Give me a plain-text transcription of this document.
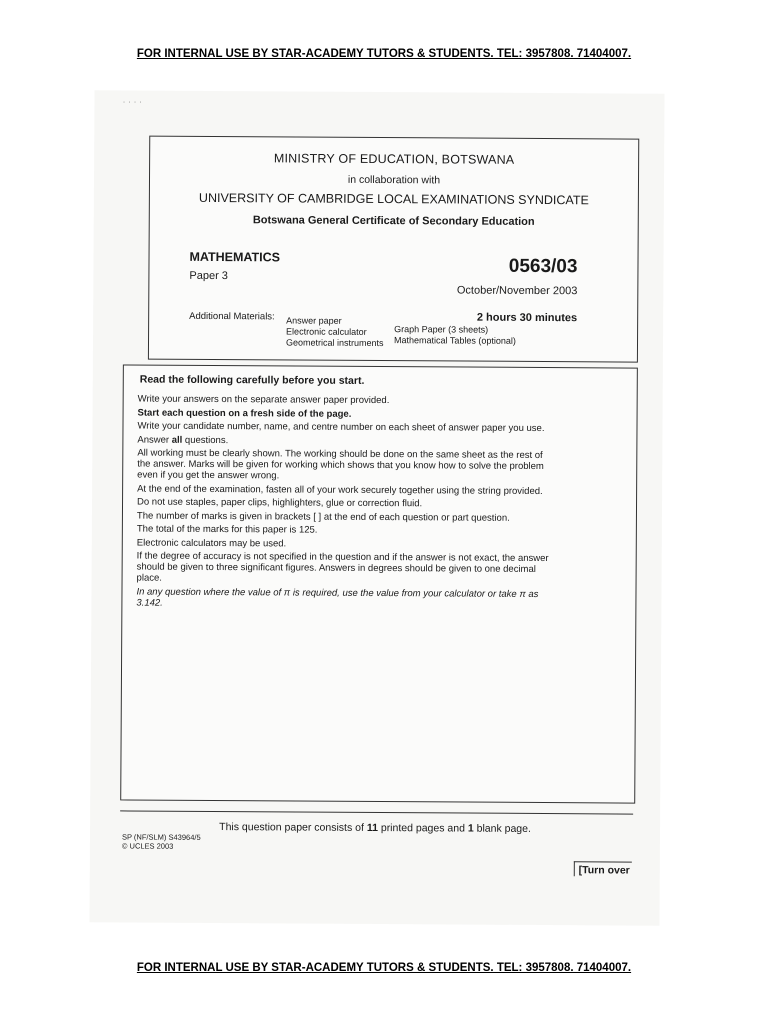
FOR INTERNAL USE BY STAR-ACADEMY TUTORS & STUDENTS. TEL: 3957808. 71404007.
· · · ·
MINISTRY OF EDUCATION, BOTSWANA
in collaboration with
UNIVERSITY OF CAMBRIDGE LOCAL EXAMINATIONS SYNDICATE
Botswana General Certificate of Secondary Education
MATHEMATICS
Paper 3	0563/03
October/November 2003
2 hours 30 minutes
Additional Materials: Answer paper
Electronic calculator
Geometrical instruments
Graph Paper (3 sheets)
Mathematical Tables (optional)
Read the following carefully before you start.

Write your answers on the separate answer paper provided.

Start each question on a fresh side of the page.

Write your candidate number, name, and centre number on each sheet of answer paper you use.

Answer all questions.

All working must be clearly shown. The working should be done on the same sheet as the rest of
the answer. Marks will be given for working which shows that you know how to solve the problem
even if you get the answer wrong.

At the end of the examination, fasten all of your work securely together using the string provided.

Do not use staples, paper clips, highlighters, glue or correction fluid.

The number of marks is given in brackets [ ] at the end of each question or part question.

The total of the marks for this paper is 125.

Electronic calculators may be used.

If the degree of accuracy is not specified in the question and if the answer is not exact, the answer
should be given to three significant figures. Answers in degrees should be given to one decimal
place.

In any question where the value of π is required, use the value from your calculator or take π as
3.142.

This question paper consists of 11 printed pages and 1 blank page.
SP (NF/SLM) S43964/5
© UCLES 2003
[Turn over
FOR INTERNAL USE BY STAR-ACADEMY TUTORS & STUDENTS. TEL: 3957808. 71404007.
